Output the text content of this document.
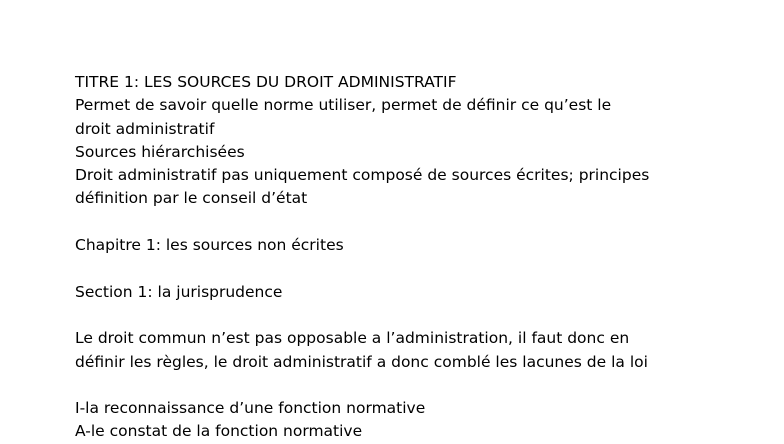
TITRE 1: LES SOURCES DU DROIT ADMINISTRATIF
Permet de savoir quelle norme utiliser, permet de définir ce qu’est le
droit administratif
Sources hiérarchisées
Droit administratif pas uniquement composé de sources écrites; principes
définition par le conseil d’état
Chapitre 1: les sources non écrites
Section 1: la jurisprudence
Le droit commun n’est pas opposable a l’administration, il faut donc en
définir les règles, le droit administratif a donc comblé les lacunes de la loi
I-la reconnaissance d’une fonction normative
A-le constat de la fonction normative
